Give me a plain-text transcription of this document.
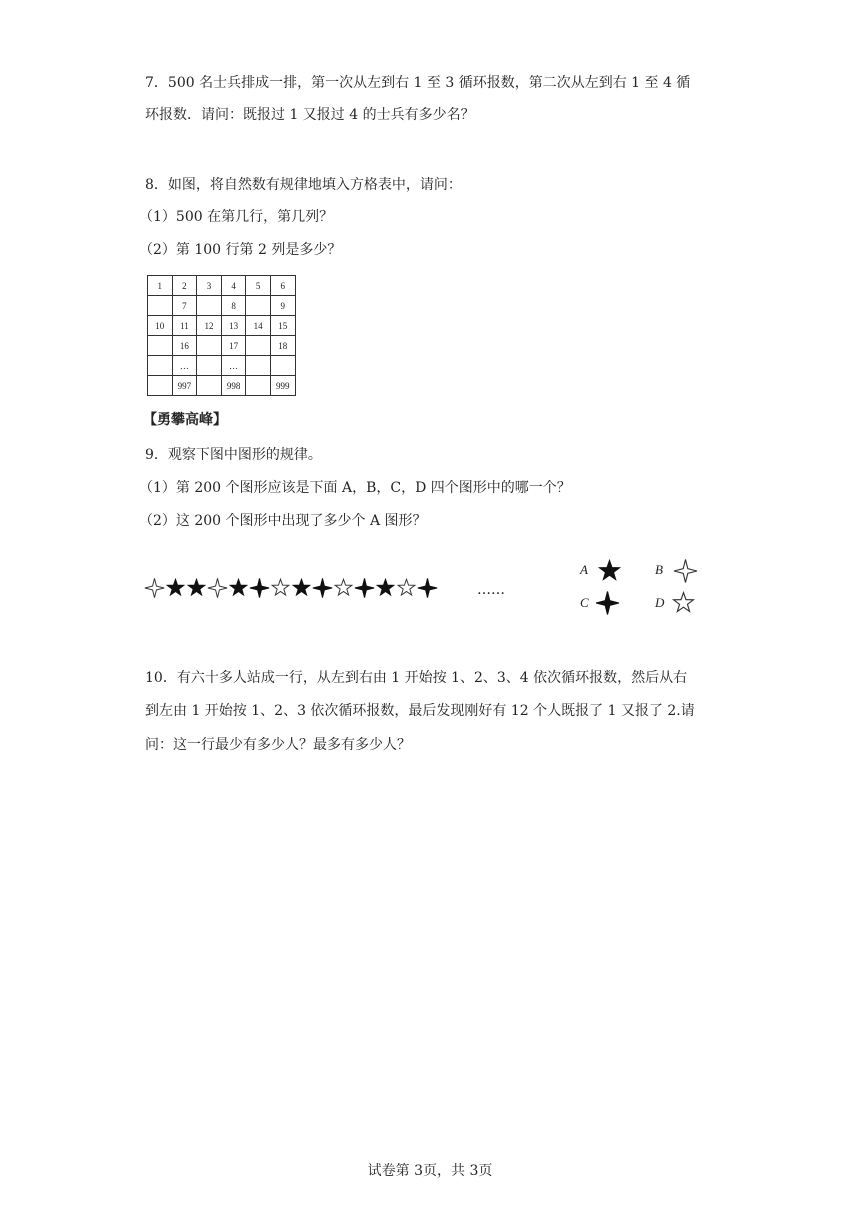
7．500 名士兵排成一排，第一次从左到右 1 至 3 循环报数，第二次从左到右 1 至 4 循
环报数．请问：既报过 1 又报过 4 的士兵有多少名？
8．如图，将自然数有规律地填入方格表中，请问：
（1）500 在第几行，第几列？
（2）第 100 行第 2 列是多少？
1	2	3	4	5	6
	7		8		9
10	11	12	13	14	15
	16		17		18
	…		…		
	997		998		999
【勇攀高峰】
9．观察下图中图形的规律。
（1）第 200 个图形应该是下面 A，B，C，D 四个图形中的哪一个？
（2）这 200 个图形中出现了多少个 A 图形？
……
A	B
C	D
10．有六十多人站成一行，从左到右由 1 开始按 1、2、3、4 依次循环报数，然后从右
到左由 1 开始按 1、2、3 依次循环报数，最后发现刚好有 12 个人既报了 1 又报了 2.请
问：这一行最少有多少人？最多有多少人？
试卷第 3页，共 3页
